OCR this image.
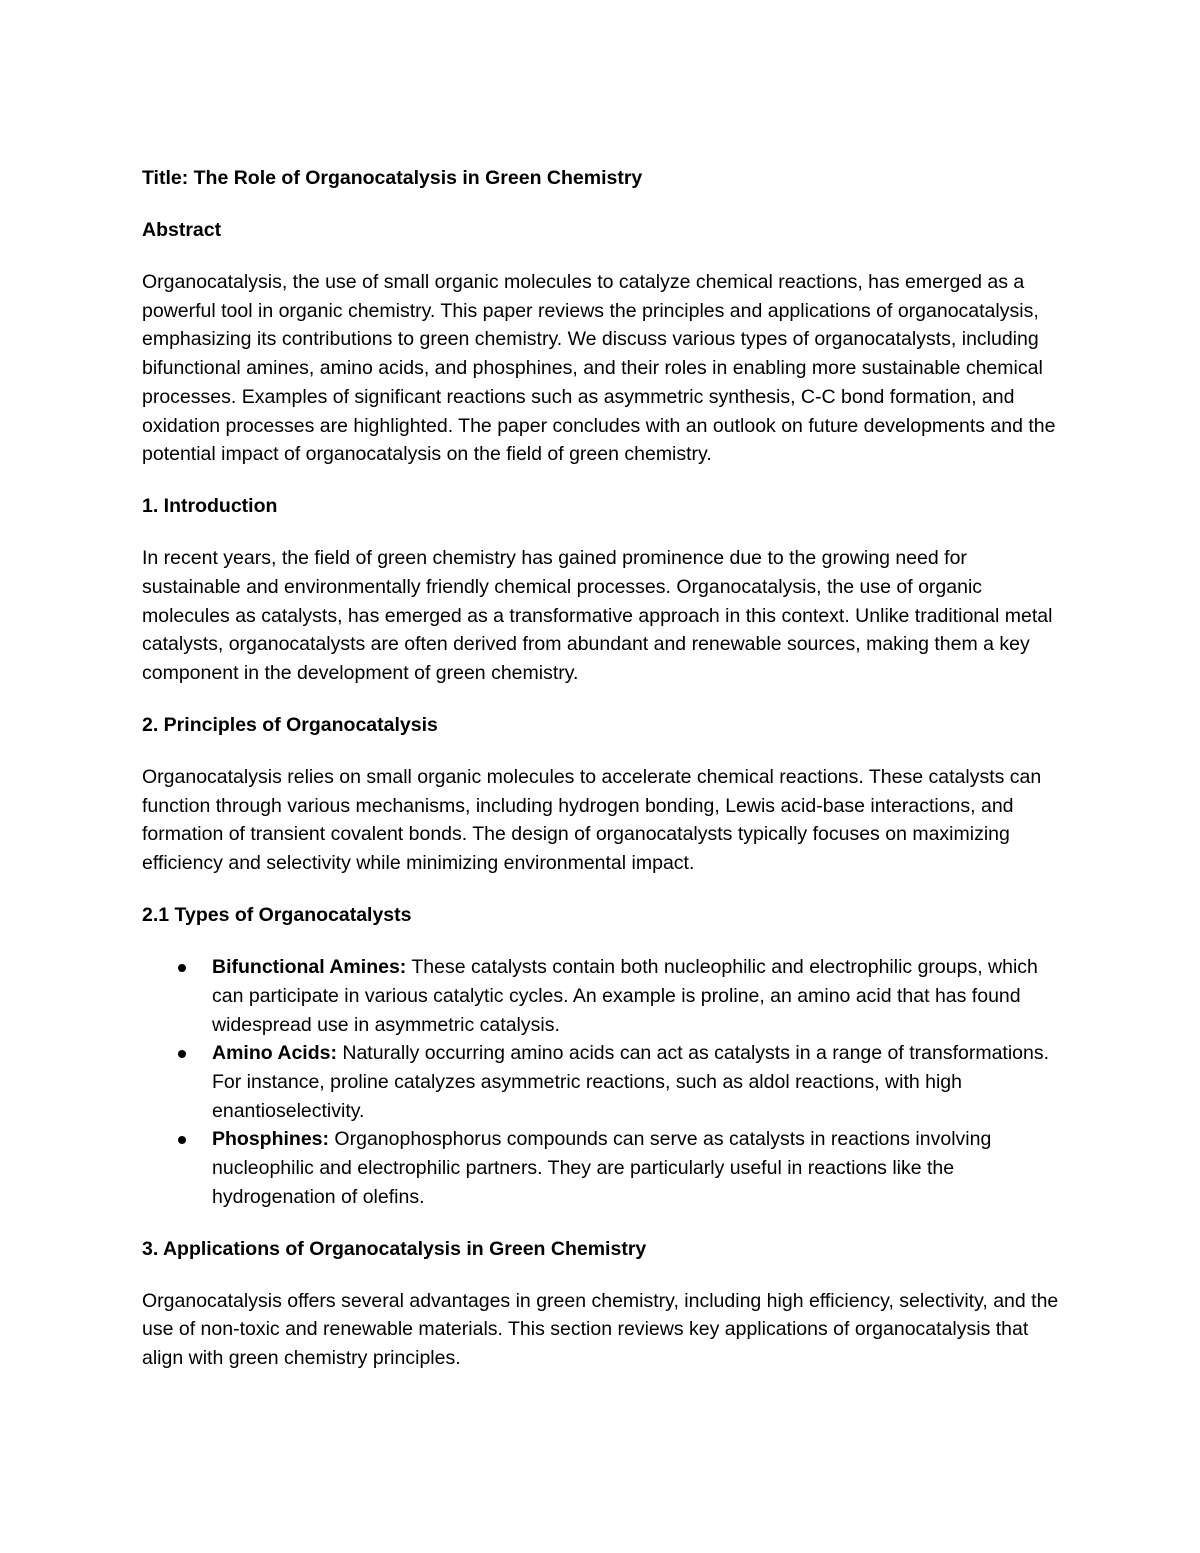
Title: The Role of Organocatalysis in Green Chemistry

Abstract

Organocatalysis, the use of small organic molecules to catalyze chemical reactions, has emerged as a powerful tool in organic chemistry. This paper reviews the principles and applications of organocatalysis, emphasizing its contributions to green chemistry. We discuss various types of organocatalysts, including bifunctional amines, amino acids, and phosphines, and their roles in enabling more sustainable chemical processes. Examples of significant reactions such as asymmetric synthesis, C-C bond formation, and oxidation processes are highlighted. The paper concludes with an outlook on future developments and the potential impact of organocatalysis on the field of green chemistry.

1. Introduction

In recent years, the field of green chemistry has gained prominence due to the growing need for sustainable and environmentally friendly chemical processes. Organocatalysis, the use of organic molecules as catalysts, has emerged as a transformative approach in this context. Unlike traditional metal catalysts, organocatalysts are often derived from abundant and renewable sources, making them a key component in the development of green chemistry.

2. Principles of Organocatalysis

Organocatalysis relies on small organic molecules to accelerate chemical reactions. These catalysts can function through various mechanisms, including hydrogen bonding, Lewis acid-base interactions, and formation of transient covalent bonds. The design of organocatalysts typically focuses on maximizing efficiency and selectivity while minimizing environmental impact.

2.1 Types of Organocatalysts

Bifunctional Amines: These catalysts contain both nucleophilic and electrophilic groups, which can participate in various catalytic cycles. An example is proline, an amino acid that has found widespread use in asymmetric catalysis.
Amino Acids: Naturally occurring amino acids can act as catalysts in a range of transformations. For instance, proline catalyzes asymmetric reactions, such as aldol reactions, with high enantioselectivity.
Phosphines: Organophosphorus compounds can serve as catalysts in reactions involving nucleophilic and electrophilic partners. They are particularly useful in reactions like the hydrogenation of olefins.

3. Applications of Organocatalysis in Green Chemistry

Organocatalysis offers several advantages in green chemistry, including high efficiency, selectivity, and the use of non-toxic and renewable materials. This section reviews key applications of organocatalysis that align with green chemistry principles.
